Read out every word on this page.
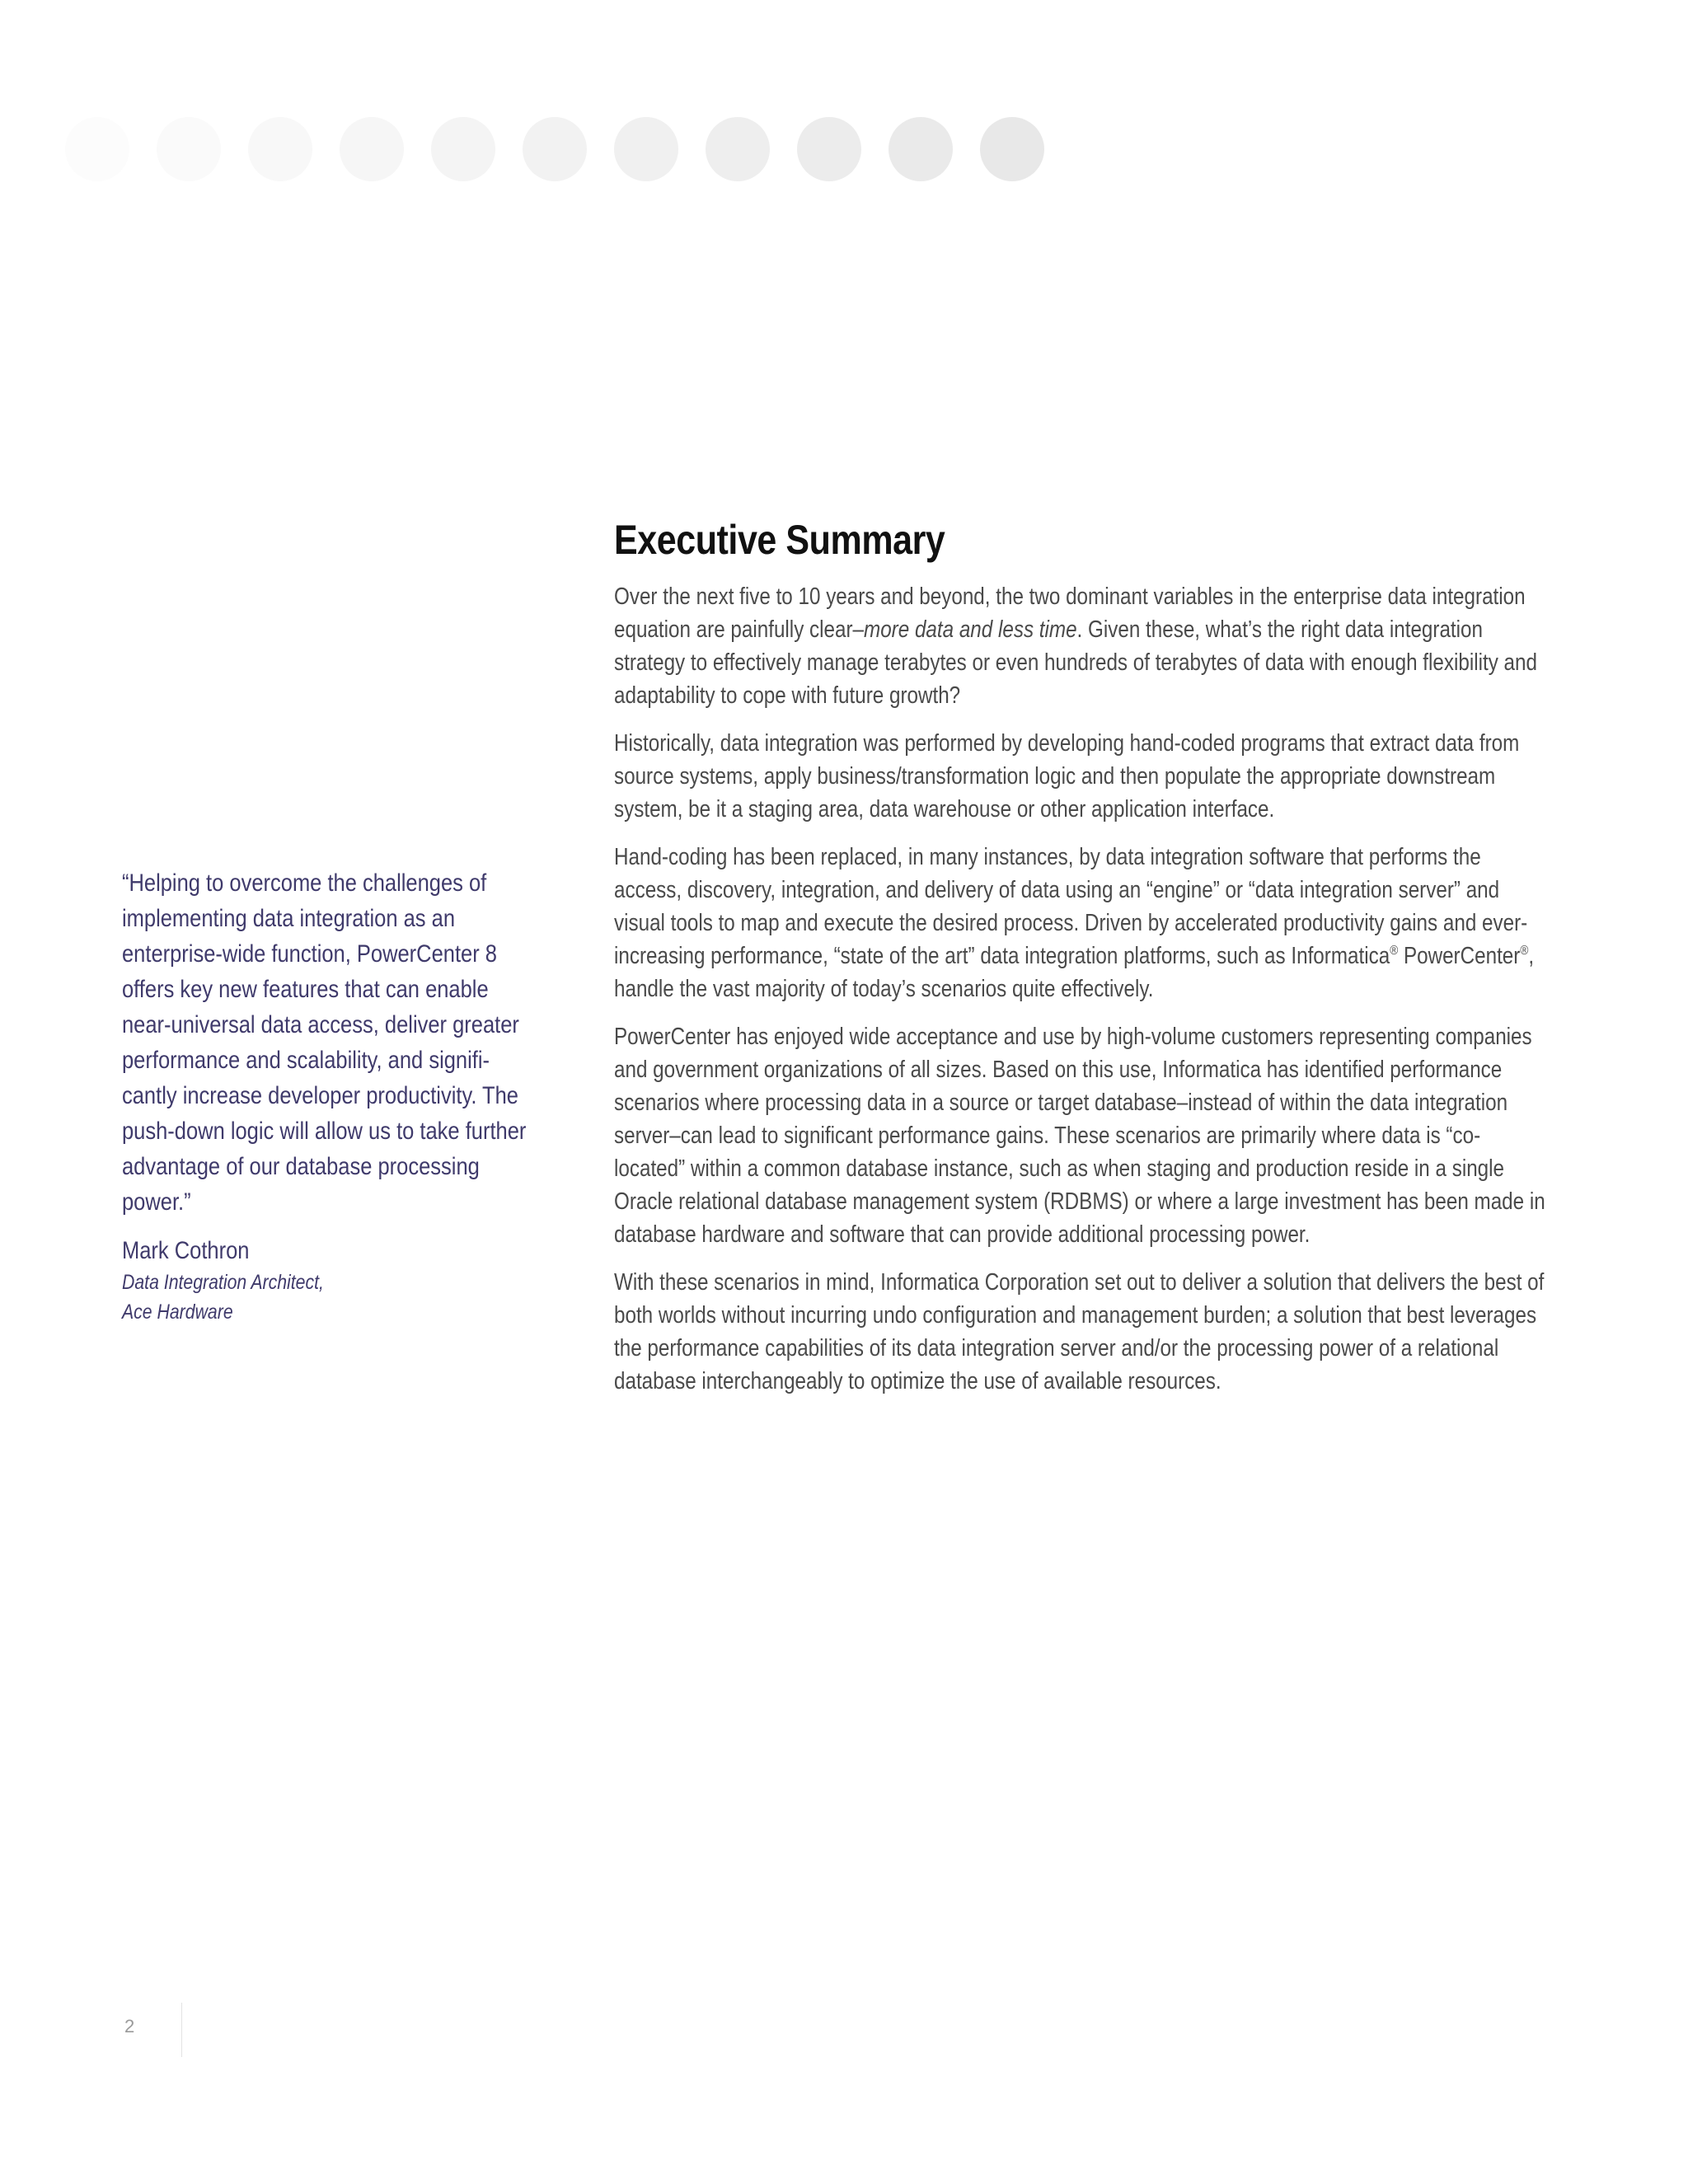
Executive Summary

Over the next five to 10 years and beyond, the two dominant variables in the enterprise data integration equation are painfully clear–more data and less time. Given these, what’s the right data integration strategy to effectively manage terabytes or even hundreds of terabytes of data with enough flexibility and adaptability to cope with future growth?

Historically, data integration was performed by developing hand-coded programs that extract data from source systems, apply business/transformation logic and then populate the appropriate downstream system, be it a staging area, data warehouse or other application interface.

Hand-coding has been replaced, in many instances, by data integration software that performs the access, discovery, integration, and delivery of data using an “engine” or “data integration server” and visual tools to map and execute the desired process. Driven by accelerated productivity gains and ever-increasing performance, “state of the art” data integration platforms, such as Informatica® PowerCenter®, handle the vast majority of today’s scenarios quite effectively.

PowerCenter has enjoyed wide acceptance and use by high-volume customers representing companies and government organizations of all sizes. Based on this use, Informatica has identified performance scenarios where processing data in a source or target database–instead of within the data integration server–can lead to significant performance gains. These scenarios are primarily where data is “co-located” within a common database instance, such as when staging and production reside in a single Oracle relational database management system (RDBMS) or where a large investment has been made in database hardware and software that can provide additional processing power.

With these scenarios in mind, Informatica Corporation set out to deliver a solution that delivers the best of both worlds without incurring undo configuration and management burden; a solution that best leverages the performance capabilities of its data integration server and/or the processing power of a relational database interchangeably to optimize the use of available resources.

“Helping to overcome the challenges of implementing data integration as an enterprise-wide function, PowerCenter 8 offers key new features that can enable near-universal data access, deliver greater performance and scalability, and signifi-cantly increase developer productivity. The push-down logic will allow us to take further advantage of our database processing power.”

Mark Cothron
Data Integration Architect,
Ace Hardware
2
